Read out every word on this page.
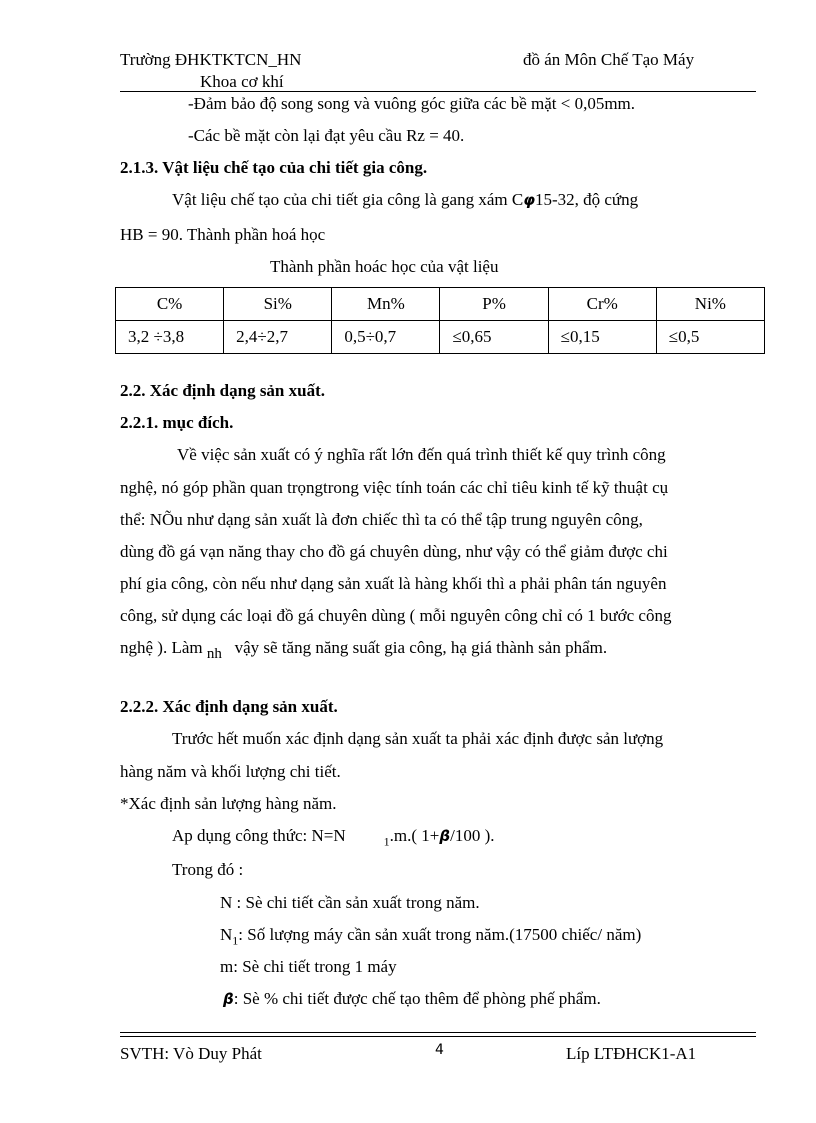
Trường ĐHKTKTCN_HN
Khoa cơ khí
đồ án Môn Chế Tạo Máy
-Đảm bảo độ song song và vuông góc giữa các bề mặt < 0,05mm.
-Các bề mặt còn lại đạt yêu cầu Rz = 40.
2.1.3. Vật liệu chế tạo của chi tiết gia công.
Vật liệu chế tạo của chi tiết gia công là gang xám Cφ15-32, độ cứng
HB = 90. Thành phần hoá học
Thành phần hoác học của vật liệu
C%	Si%	Mn%	P%	Cr%	Ni%
3,2 ÷3,8	2,4÷2,7	0,5÷0,7	≤0,65	≤0,15	≤0,5
2.2. Xác định dạng sản xuất.
2.2.1. mục đích.
Về việc sản xuất có ý nghĩa rất lớn đến quá trình thiết kế quy trình công
nghệ, nó góp phần quan trọngtrong việc tính toán các chỉ tiêu kinh tế kỹ thuật cụ
thể: NÕu như dạng sản xuất là đơn chiếc thì ta có thể tập trung nguyên công,
dùng đồ gá vạn năng thay cho đồ gá chuyên dùng, như vậy có thể giảm được chi
phí gia công, còn nếu như dạng sản xuất là hàng khối thì a phải phân tán nguyên
công, sử dụng các loại đồ gá chuyên dùng ( mỗi nguyên công chỉ có 1 bước công
nghệ ). Làm nh vậy sẽ tăng năng suất gia công, hạ giá thành sản phẩm.
2.2.2. Xác định dạng sản xuất.
Trước hết muốn xác định dạng sản xuất ta phải xác định được sản lượng
hàng năm và khối lượng chi tiết.
*Xác định sản lượng hàng năm.
Ap dụng công thức: N=N	$_1$.m.( 1+β/100 ).
Trong đó :
N : Sè chi tiết cần sản xuất trong năm.
$N_1$: Số lượng máy cần sản xuất trong năm.(17500 chiếc/ năm)
m: Sè chi tiết trong 1 máy
β: Sè % chi tiết được chế tạo thêm để phòng phế phẩm.
SVTH: Vò Duy Phát	4	Líp LTĐHCK1-A1
